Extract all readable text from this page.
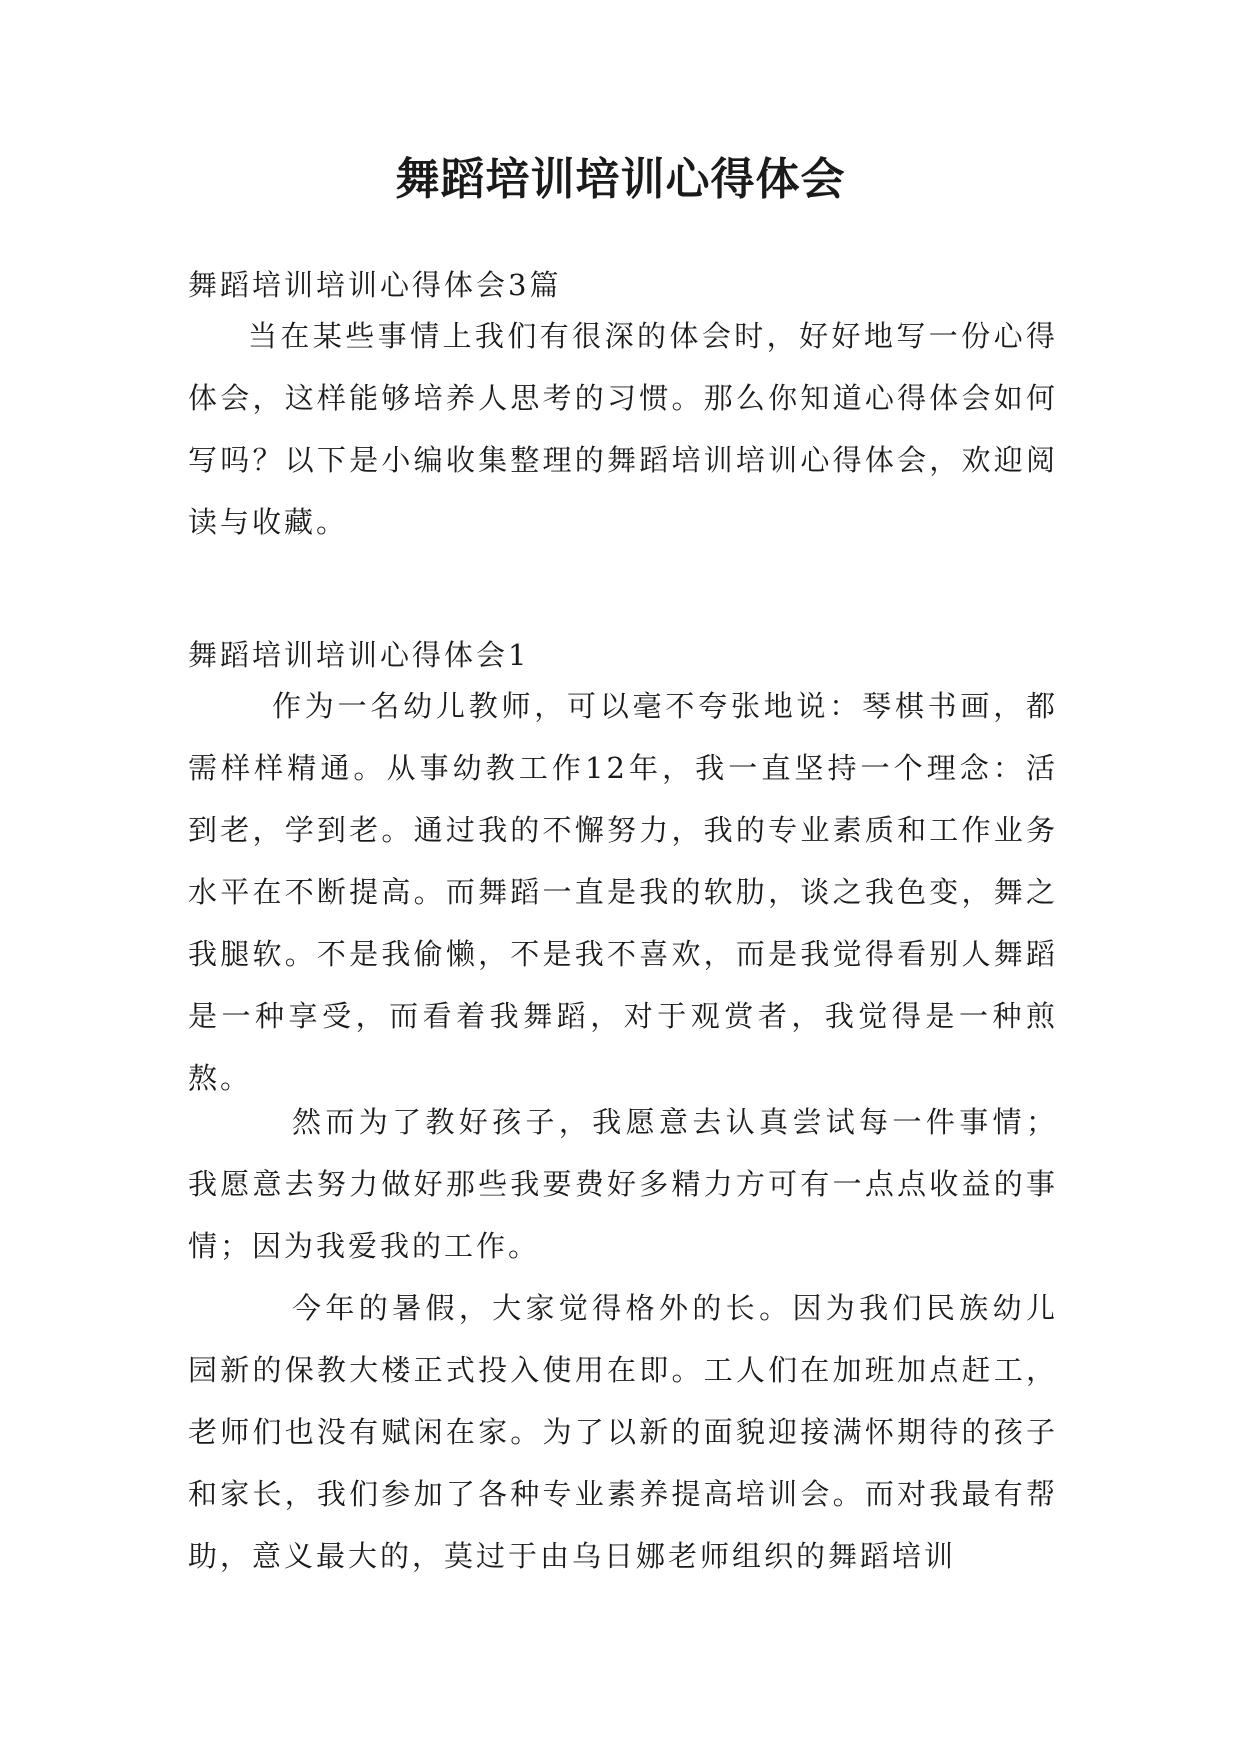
舞蹈培训培训心得体会

舞蹈培训培训心得体会3篇

当在某些事情上我们有很深的体会时，好好地写一份心得体会，这样能够培养人思考的习惯。那么你知道心得体会如何写吗？以下是小编收集整理的舞蹈培训培训心得体会，欢迎阅读与收藏。

舞蹈培训培训心得体会1

作为一名幼儿教师，可以毫不夸张地说：琴棋书画，都需样样精通。从事幼教工作12年，我一直坚持一个理念：活到老，学到老。通过我的不懈努力，我的专业素质和工作业务水平在不断提高。而舞蹈一直是我的软肋，谈之我色变，舞之我腿软。不是我偷懒，不是我不喜欢，而是我觉得看别人舞蹈是一种享受，而看着我舞蹈，对于观赏者，我觉得是一种煎熬。

然而为了教好孩子，我愿意去认真尝试每一件事情；我愿意去努力做好那些我要费好多精力方可有一点点收益的事情；因为我爱我的工作。

今年的暑假，大家觉得格外的长。因为我们民族幼儿园新的保教大楼正式投入使用在即。工人们在加班加点赶工，老师们也没有赋闲在家。为了以新的面貌迎接满怀期待的孩子和家长，我们参加了各种专业素养提高培训会。而对我最有帮助，意义最大的，莫过于由乌日娜老师组织的舞蹈培训
